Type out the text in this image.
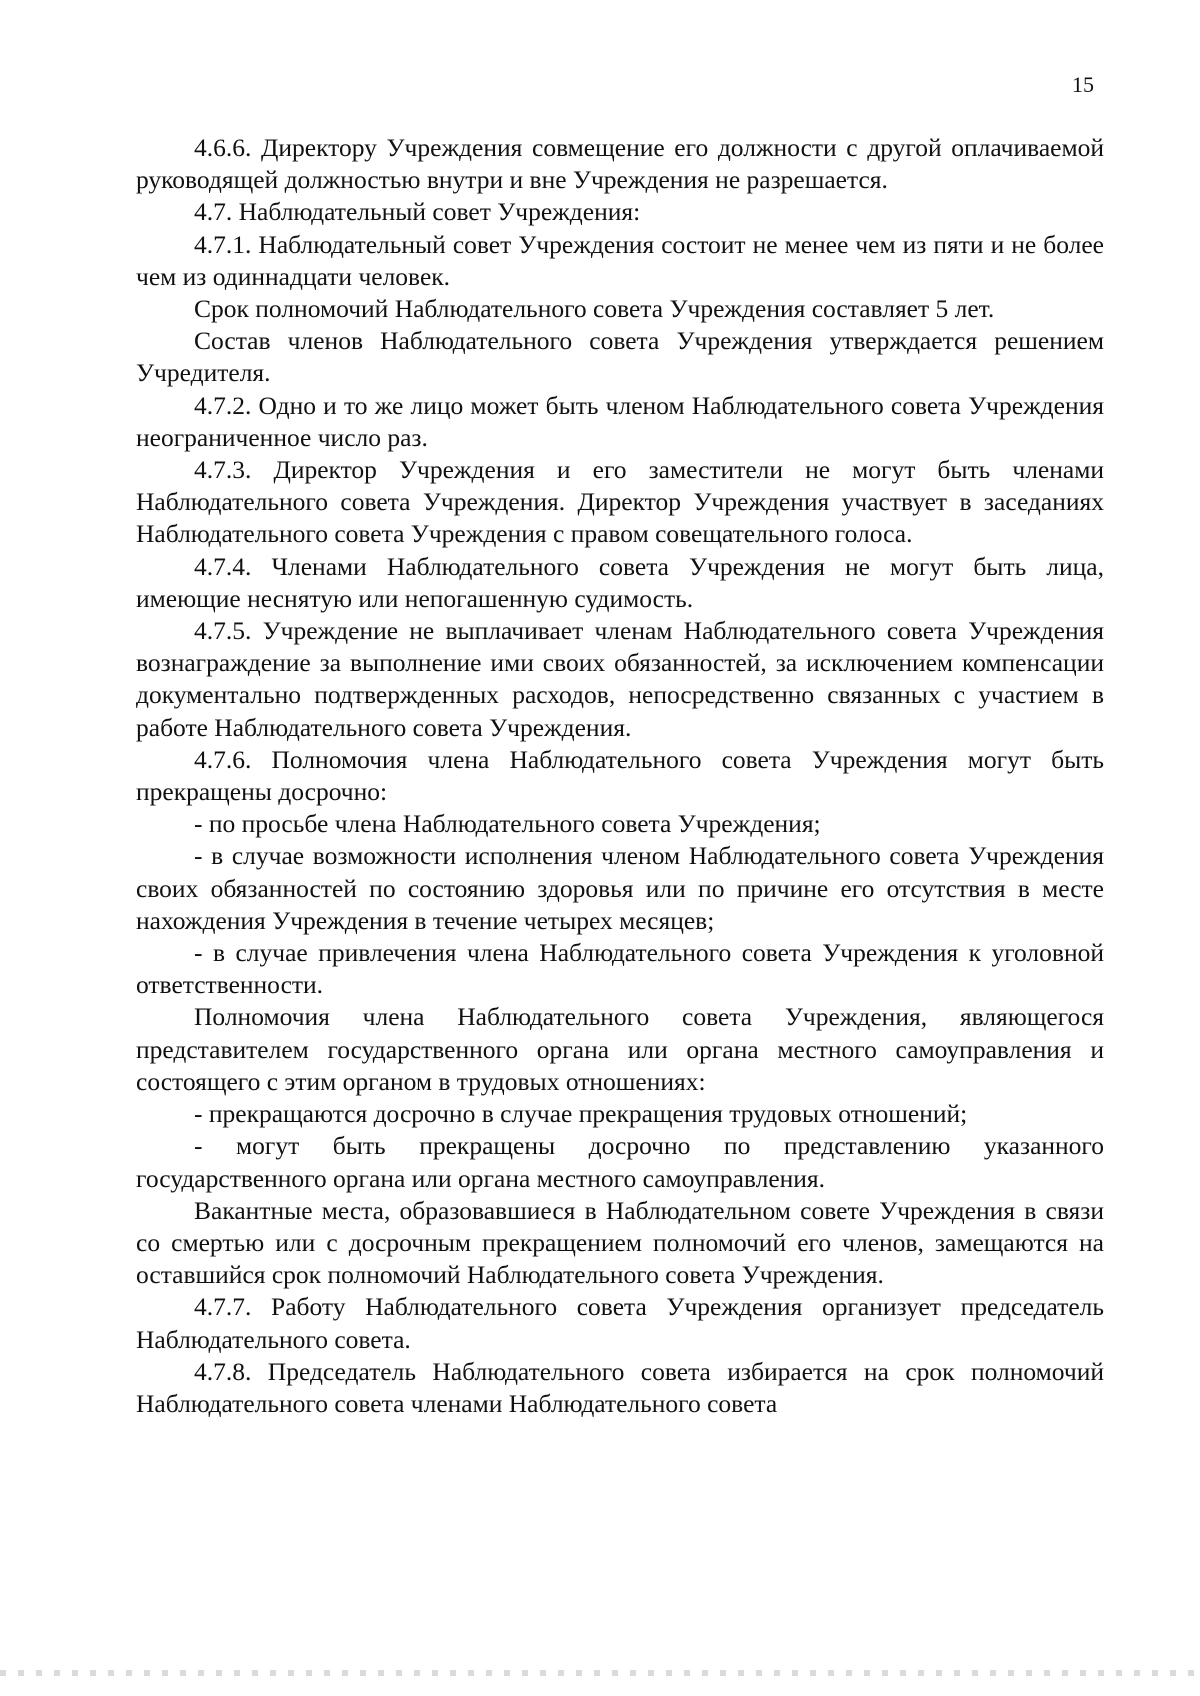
15

4.6.6. Директору Учреждения совмещение его должности с другой оплачиваемой руководящей должностью внутри и вне Учреждения не разрешается.

4.7. Наблюдательный совет Учреждения:

4.7.1. Наблюдательный совет Учреждения состоит не менее чем из пяти и не более чем из одиннадцати человек.

Срок полномочий Наблюдательного совета Учреждения составляет 5 лет.

Состав членов Наблюдательного совета Учреждения утверждается решением Учредителя.

4.7.2. Одно и то же лицо может быть членом Наблюдательного совета Учреждения неограниченное число раз.

4.7.3. Директор Учреждения и его заместители не могут быть членами Наблюдательного совета Учреждения. Директор Учреждения участвует в заседаниях Наблюдательного совета Учреждения с правом совещательного голоса.

4.7.4. Членами Наблюдательного совета Учреждения не могут быть лица, имеющие неснятую или непогашенную судимость.

4.7.5. Учреждение не выплачивает членам Наблюдательного совета Учреждения вознаграждение за выполнение ими своих обязанностей, за исключением компенсации документально подтвержденных расходов, непосредственно связанных с участием в работе Наблюдательного совета Учреждения.

4.7.6. Полномочия члена Наблюдательного совета Учреждения могут быть прекращены досрочно:

- по просьбе члена Наблюдательного совета Учреждения;

- в случае возможности исполнения членом Наблюдательного совета Учреждения своих обязанностей по состоянию здоровья или по причине его отсутствия в месте нахождения Учреждения в течение четырех месяцев;

- в случае привлечения члена Наблюдательного совета Учреждения к уголовной ответственности.

Полномочия члена Наблюдательного совета Учреждения, являющегося представителем государственного органа или органа местного самоуправления и состоящего с этим органом в трудовых отношениях:

- прекращаются досрочно в случае прекращения трудовых отношений;

- могут быть прекращены досрочно по представлению указанного государственного органа или органа местного самоуправления.

Вакантные места, образовавшиеся в Наблюдательном совете Учреждения в связи со смертью или с досрочным прекращением полномочий его членов, замещаются на оставшийся срок полномочий Наблюдательного совета Учреждения.

4.7.7. Работу Наблюдательного совета Учреждения организует председатель Наблюдательного совета.

4.7.8. Председатель Наблюдательного совета избирается на срок полномочий Наблюдательного совета членами Наблюдательного совета
